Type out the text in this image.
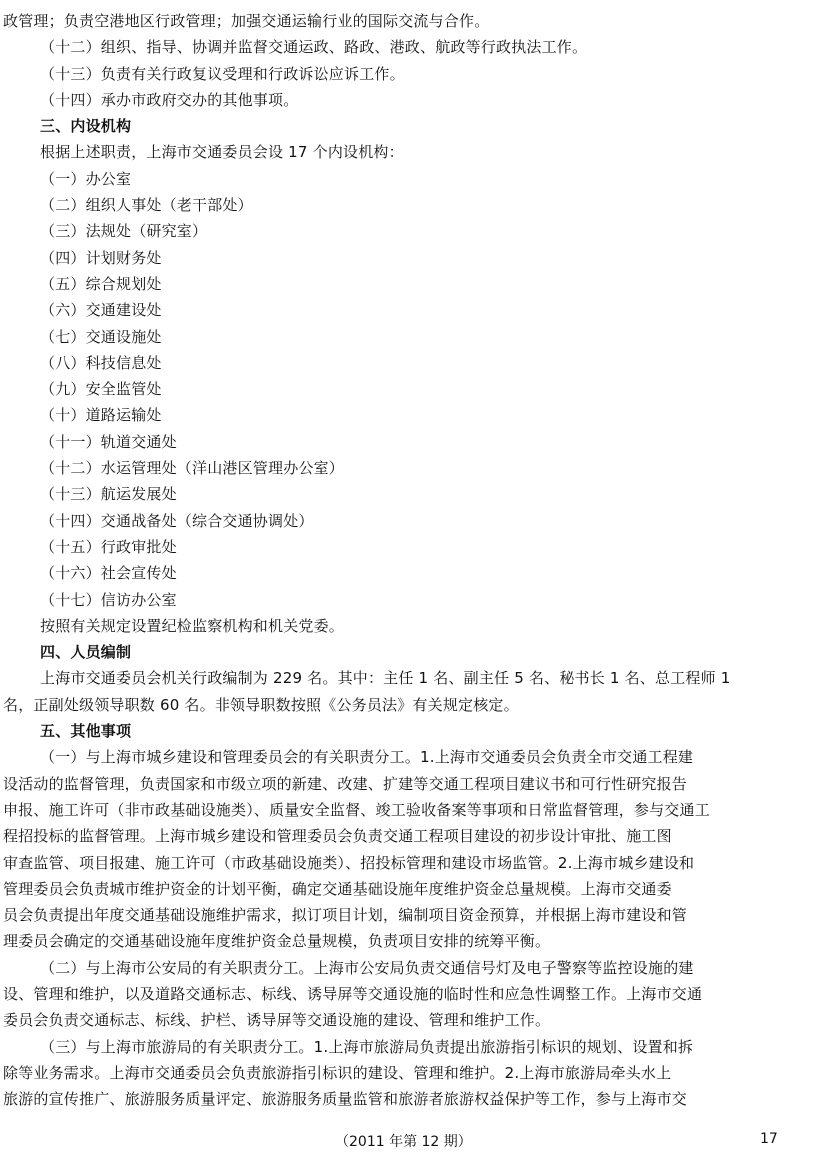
政管理；负责空港地区行政管理；加强交通运输行业的国际交流与合作。
（十二）组织、指导、协调并监督交通运政、路政、港政、航政等行政执法工作。
（十三）负责有关行政复议受理和行政诉讼应诉工作。
（十四）承办市政府交办的其他事项。
三、内设机构
根据上述职责，上海市交通委员会设 17 个内设机构：
（一）办公室
（二）组织人事处（老干部处）
（三）法规处（研究室）
（四）计划财务处
（五）综合规划处
（六）交通建设处
（七）交通设施处
（八）科技信息处
（九）安全监管处
（十）道路运输处
（十一）轨道交通处
（十二）水运管理处（洋山港区管理办公室）
（十三）航运发展处
（十四）交通战备处（综合交通协调处）
（十五）行政审批处
（十六）社会宣传处
（十七）信访办公室
按照有关规定设置纪检监察机构和机关党委。
四、人员编制
上海市交通委员会机关行政编制为 229 名。其中：主任 1 名、副主任 5 名、秘书长 1 名、总工程师 1
名，正副处级领导职数 60 名。非领导职数按照《公务员法》有关规定核定。
五、其他事项
（一）与上海市城乡建设和管理委员会的有关职责分工。1.上海市交通委员会负责全市交通工程建
设活动的监督管理，负责国家和市级立项的新建、改建、扩建等交通工程项目建议书和可行性研究报告
申报、施工许可（非市政基础设施类）、质量安全监督、竣工验收备案等事项和日常监督管理，参与交通工
程招投标的监督管理。上海市城乡建设和管理委员会负责交通工程项目建设的初步设计审批、施工图
审查监管、项目报建、施工许可（市政基础设施类）、招投标管理和建设市场监管。2.上海市城乡建设和
管理委员会负责城市维护资金的计划平衡，确定交通基础设施年度维护资金总量规模。上海市交通委
员会负责提出年度交通基础设施维护需求，拟订项目计划，编制项目资金预算，并根据上海市建设和管
理委员会确定的交通基础设施年度维护资金总量规模，负责项目安排的统筹平衡。
（二）与上海市公安局的有关职责分工。上海市公安局负责交通信号灯及电子警察等监控设施的建
设、管理和维护，以及道路交通标志、标线、诱导屏等交通设施的临时性和应急性调整工作。上海市交通
委员会负责交通标志、标线、护栏、诱导屏等交通设施的建设、管理和维护工作。
（三）与上海市旅游局的有关职责分工。1.上海市旅游局负责提出旅游指引标识的规划、设置和拆
除等业务需求。上海市交通委员会负责旅游指引标识的建设、管理和维护。2.上海市旅游局牵头水上
旅游的宣传推广、旅游服务质量评定、旅游服务质量监管和旅游者旅游权益保护等工作，参与上海市交
（2011 年第 12 期）	17
